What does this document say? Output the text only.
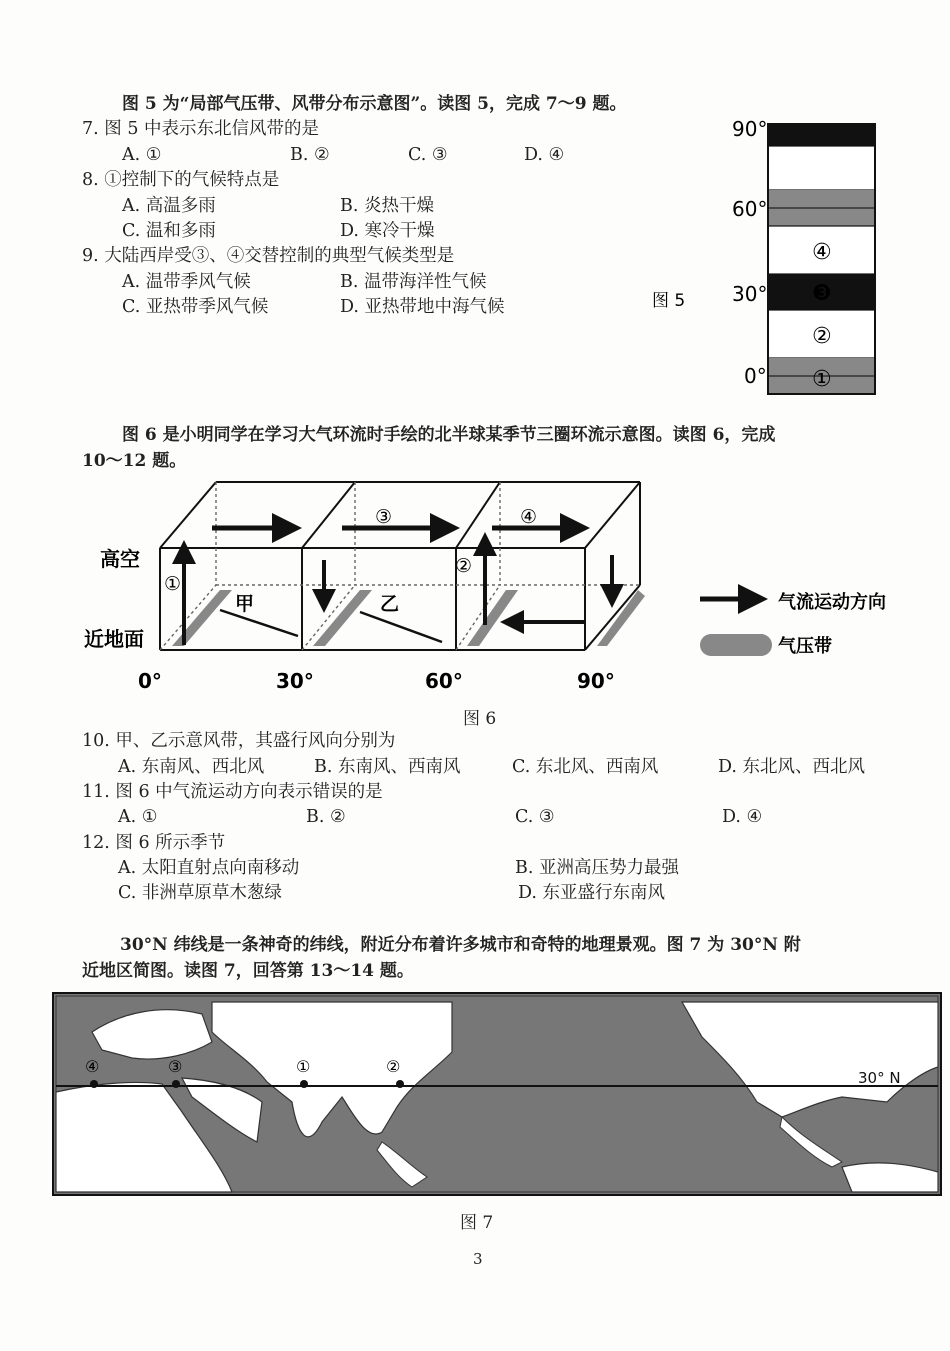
图 5 为“局部气压带、风带分布示意图”。读图 5，完成 7～9 题。
7. 图 5 中表示东北信风带的是
A. ①	B. ②	C. ③	D. ④
8. ①控制下的气候特点是
A. 高温多雨	B. 炎热干燥
C. 温和多雨	D. 寒冷干燥
9. 大陆西岸受③、④交替控制的典型气候类型是
A. 温带季风气候	B. 温带海洋性气候
C. 亚热带季风气候	D. 亚热带地中海气候
90°
60°
30°
0°
图 5
④
❸
②
①
图 6 是小明同学在学习大气环流时手绘的北半球某季节三圈环流示意图。读图 6，完成
10～12 题。
高空
近地面
①
③
②
④
甲	乙
0°	30°	60°	90°
气流运动方向
气压带
图 6
10. 甲、乙示意风带，其盛行风向分别为
A. 东南风、西北风	B. 东南风、西南风	C. 东北风、西南风	D. 东北风、西北风
11. 图 6 中气流运动方向表示错误的是
A. ①	B. ②	C. ③	D. ④
12. 图 6 所示季节
A. 太阳直射点向南移动	B. 亚洲高压势力最强
C. 非洲草原草木葱绿	D. 东亚盛行东南风
30°N 纬线是一条神奇的纬线，附近分布着许多城市和奇特的地理景观。图 7 为 30°N 附
近地区简图。读图 7，回答第 13～14 题。
30° N
④	③	①	②
图 7
3
